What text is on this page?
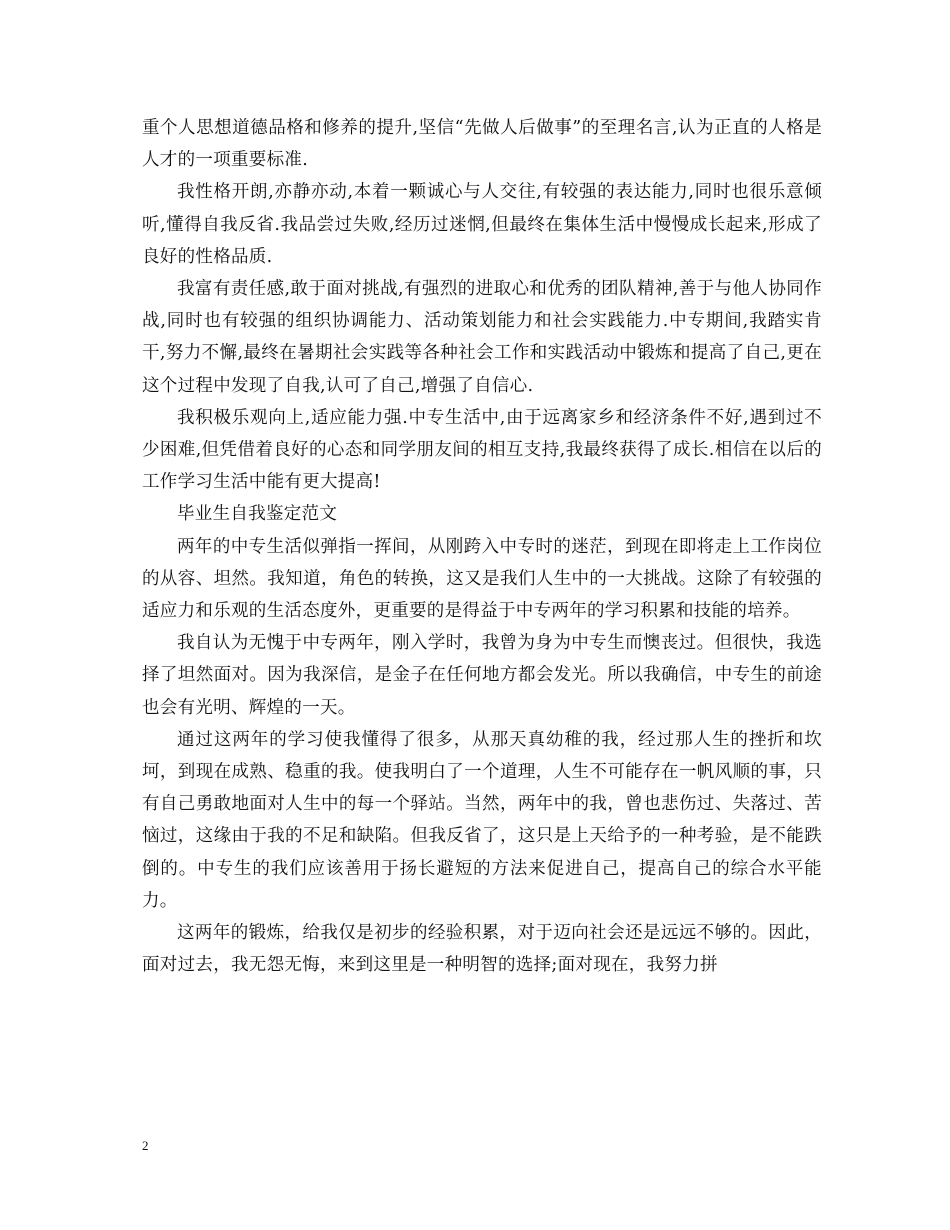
重个人思想道德品格和修养的提升,坚信“先做人后做事”的至理名言,认为正直的人格是人才的一项重要标准.

我性格开朗,亦静亦动,本着一颗诚心与人交往,有较强的表达能力,同时也很乐意倾听,懂得自我反省.我品尝过失败,经历过迷惘,但最终在集体生活中慢慢成长起来,形成了良好的性格品质.

我富有责任感,敢于面对挑战,有强烈的进取心和优秀的团队精神,善于与他人协同作战,同时也有较强的组织协调能力、活动策划能力和社会实践能力.中专期间,我踏实肯干,努力不懈,最终在暑期社会实践等各种社会工作和实践活动中锻炼和提高了自己,更在这个过程中发现了自我,认可了自己,增强了自信心.

我积极乐观向上,适应能力强.中专生活中,由于远离家乡和经济条件不好,遇到过不少困难,但凭借着良好的心态和同学朋友间的相互支持,我最终获得了成长.相信在以后的工作学习生活中能有更大提高!

毕业生自我鉴定范文

两年的中专生活似弹指一挥间，从刚跨入中专时的迷茫，到现在即将走上工作岗位的从容、坦然。我知道，角色的转换，这又是我们人生中的一大挑战。这除了有较强的适应力和乐观的生活态度外，更重要的是得益于中专两年的学习积累和技能的培养。

我自认为无愧于中专两年，刚入学时，我曾为身为中专生而懊丧过。但很快，我选择了坦然面对。因为我深信，是金子在任何地方都会发光。所以我确信，中专生的前途也会有光明、辉煌的一天。

通过这两年的学习使我懂得了很多，从那天真幼稚的我，经过那人生的挫折和坎坷，到现在成熟、稳重的我。使我明白了一个道理，人生不可能存在一帆风顺的事，只有自己勇敢地面对人生中的每一个驿站。当然，两年中的我，曾也悲伤过、失落过、苦恼过，这缘由于我的不足和缺陷。但我反省了，这只是上天给予的一种考验，是不能跌倒的。中专生的我们应该善用于扬长避短的方法来促进自己，提高自己的综合水平能力。

这两年的锻炼，给我仅是初步的经验积累，对于迈向社会还是远远不够的。因此，面对过去，我无怨无悔，来到这里是一种明智的选择;面对现在，我努力拼

2
